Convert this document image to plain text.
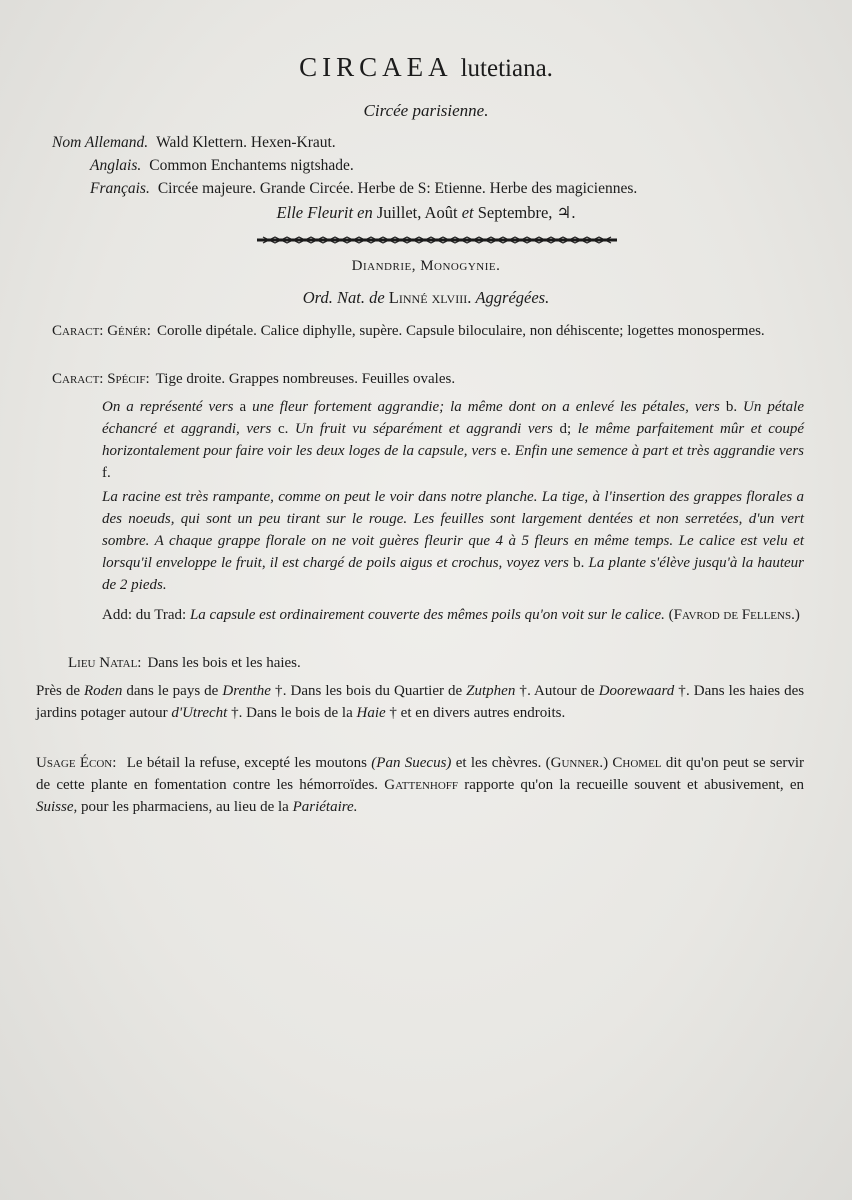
CIRCAEA lutetiana.
Circée parisienne.
Nom Allemand. Wald Klettern. Hexen-Kraut.
Anglais. Common Enchantems nigtshade.
Français. Circée majeure. Grande Circée. Herbe de S: Etienne. Herbe des magiciennes.
Elle Fleurit en Juillet, Août et Septembre, ♃.
Diandrie, Monogynie.
Ord. Nat. de Linné xlviii. Aggrégées.
Caract: Génér: Corolle dipétale. Calice diphylle, supère. Capsule biloculaire, non déhiscente; logettes monospermes.
Caract: Spécif: Tige droite. Grappes nombreuses. Feuilles ovales.
On a représenté vers a une fleur fortement aggrandie; la même dont on a enlevé les pétales, vers b. Un pétale échancré et aggrandi, vers c. Un fruit vu séparément et aggrandi vers d; le même parfaitement mûr et coupé horizontalement pour faire voir les deux loges de la capsule, vers e. Enfin une semence à part et très aggrandie vers f.
La racine est très rampante, comme on peut le voir dans notre planche. La tige, à l'insertion des grappes florales a des noeuds, qui sont un peu tirant sur le rouge. Les feuilles sont largement dentées et non serretées, d'un vert sombre. A chaque grappe florale on ne voit guères fleurir que 4 à 5 fleurs en même temps. Le calice est velu et lorsqu'il enveloppe le fruit, il est chargé de poils aigus et crochus, voyez vers b. La plante s'élève jusqu'à la hauteur de 2 pieds.
Add: du Trad: La capsule est ordinairement couverte des mêmes poils qu'on voit sur le calice. (Favrod de Fellens.)
Lieu Natal: Dans les bois et les haies.
Près de Roden dans le pays de Drenthe †. Dans les bois du Quartier de Zutphen †. Autour de Doorewaard †. Dans les haies des jardins potager autour d'Utrecht †. Dans le bois de la Haie † et en divers autres endroits.
Usage Écon: Le bétail la refuse, excepté les moutons (Pan Suecus) et les chèvres. (Gunner.) Chomel dit qu'on peut se servir de cette plante en fomentation contre les hémorroïdes. Gattenhoff rapporte qu'on la recueille souvent et abusivement, en Suisse, pour les pharmaciens, au lieu de la Pariétaire.
